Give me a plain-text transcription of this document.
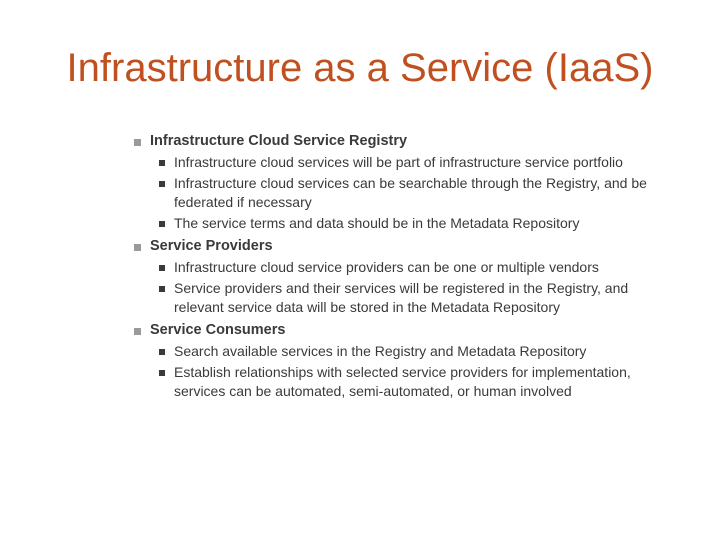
Infrastructure as a Service (IaaS)
Infrastructure Cloud Service Registry
Infrastructure cloud services will be part of infrastructure service portfolio
Infrastructure cloud services can be searchable through the Registry, and be federated if necessary
The service terms and data should be in the Metadata Repository
Service Providers
Infrastructure cloud service providers can be one or multiple vendors
Service providers and their services will be registered in the Registry, and relevant service data will be stored in the Metadata Repository
Service Consumers
Search available services in the Registry and Metadata Repository
Establish relationships with selected service providers for implementation, services can be automated, semi-automated, or human involved
